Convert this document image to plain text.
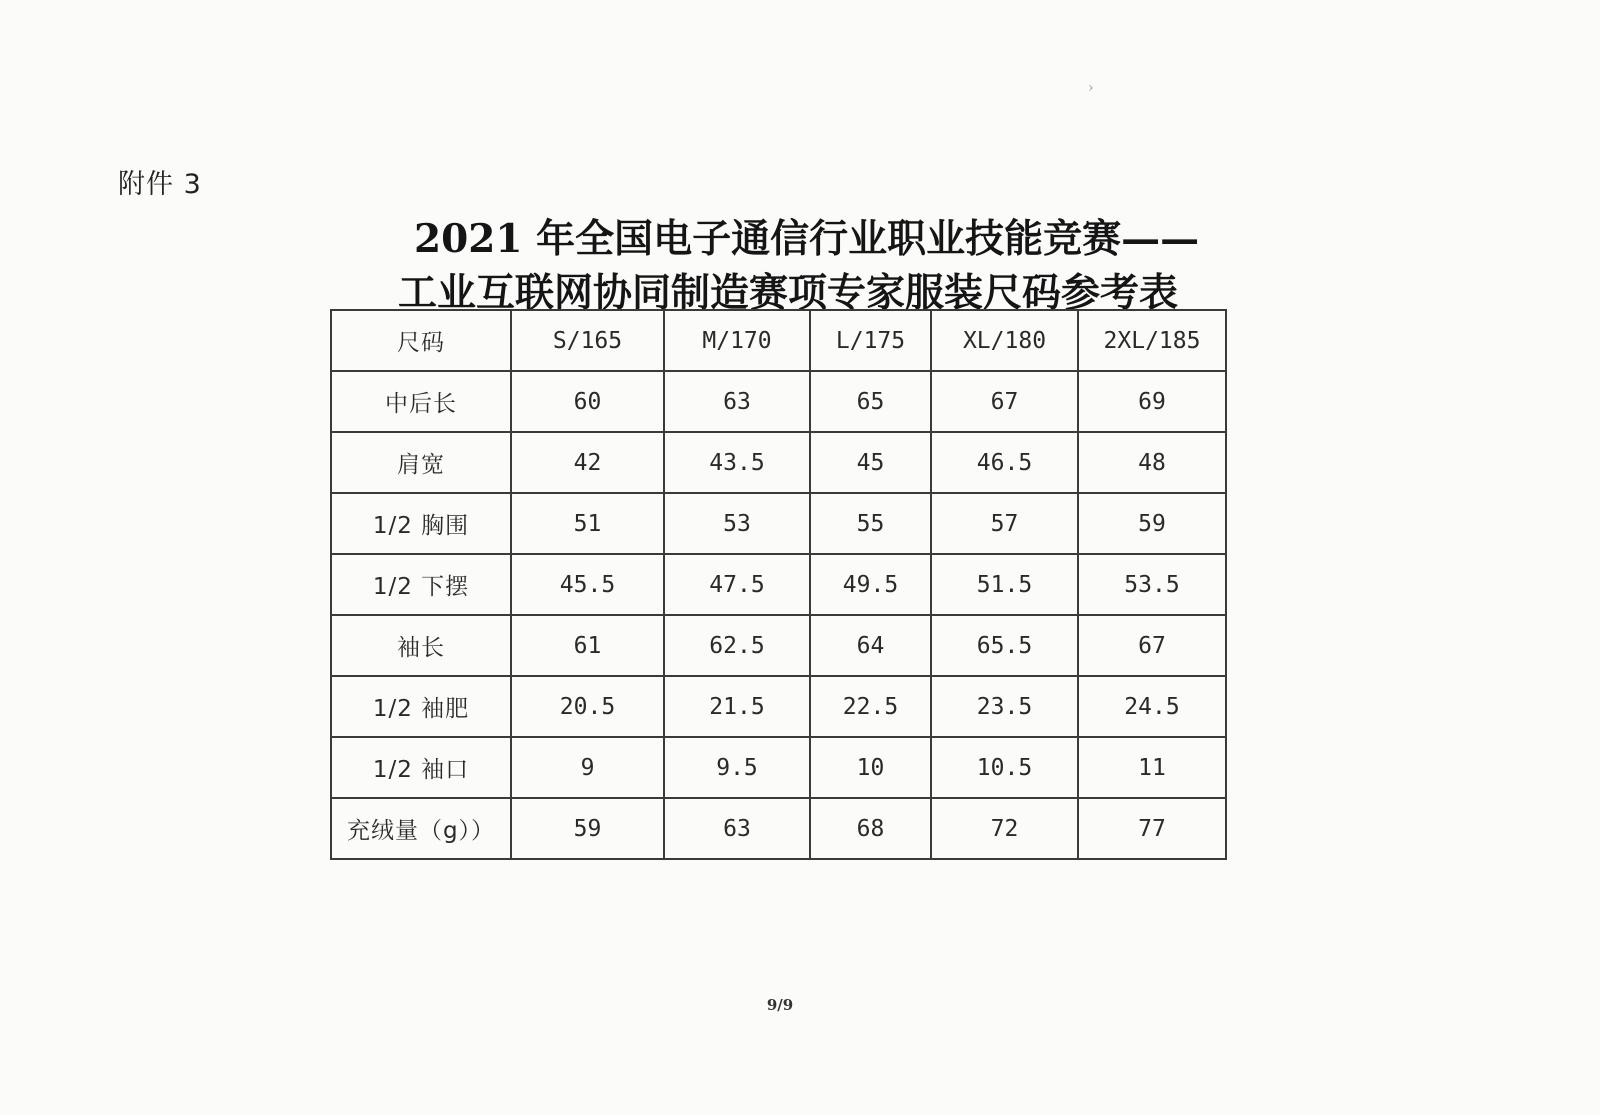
附件 3
2021 年全国电子通信行业职业技能竞赛——
工业互联网协同制造赛项专家服装尺码参考表
尺码	S/165	M/170	L/175	XL/180	2XL/185
中后长	60	63	65	67	69
肩宽	42	43.5	45	46.5	48
1/2 胸围	51	53	55	57	59
1/2 下摆	45.5	47.5	49.5	51.5	53.5
袖长	61	62.5	64	65.5	67
1/2 袖肥	20.5	21.5	22.5	23.5	24.5
1/2 袖口	9	9.5	10	10.5	11
充绒量（g））	59	63	68	72	77
9/9
›
